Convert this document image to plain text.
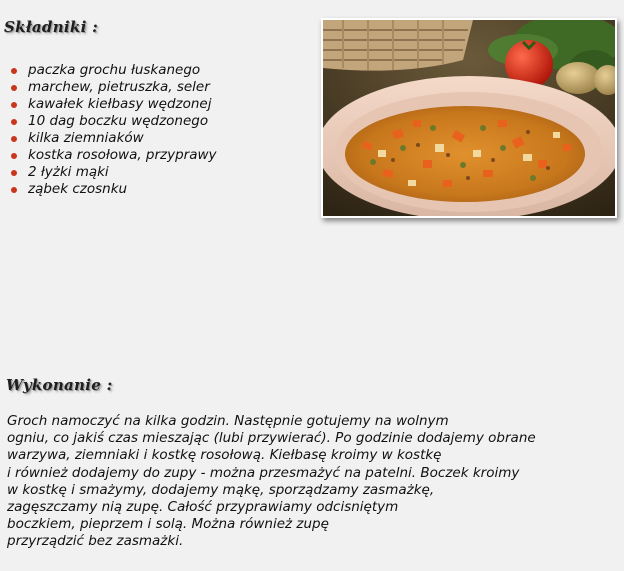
Składniki :
paczka grochu łuskanego
marchew, pietruszka, seler
kawałek kiełbasy wędzonej
10 dag boczku wędzonego
kilka ziemniaków
kostka rosołowa, przyprawy
2 łyżki mąki
ząbek czosnku
Wykonanie :
Groch namoczyć na kilka godzin. Następnie gotujemy na wolnym
ogniu, co jakiś czas mieszając (lubi przywierać). Po godzinie dodajemy obrane
warzywa, ziemniaki i kostkę rosołową. Kiełbasę kroimy w kostkę
i również dodajemy do zupy - można przesmażyć na patelni. Boczek kroimy
w kostkę i smażymy, dodajemy mąkę, sporządzamy zasmażkę,
zagęszczamy nią zupę. Całość przyprawiamy odcisniętym
boczkiem, pieprzem i solą. Można również zupę
przyrządzić bez zasmażki.
